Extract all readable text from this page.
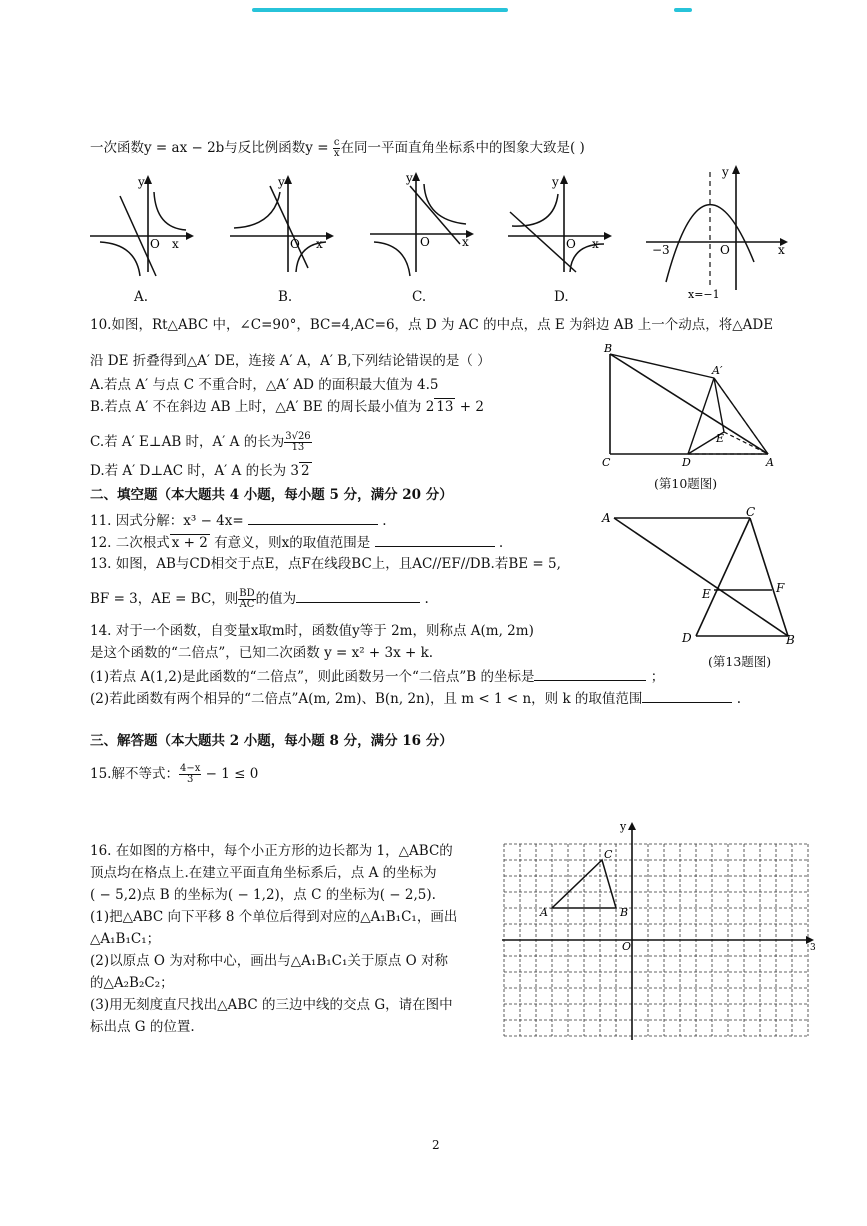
一次函数y = ax − 2b与反比例函数$y = \frac{c}{x}$ 在同一平面直角坐标系中的图象大致是( )
y
x
O
y
x
O
y
x
O
y
x
O
y
x
O
−3
x=−1
A.	B.	C.	D.
10.如图，Rt△ABC 中，∠C=90°，BC=4,AC=6，点 D 为 AC 的中点，点 E 为斜边 AB 上一个动点，将△ADE
沿 DE 折叠得到△A′ DE，连接 A′ A，A′ B,下列结论错误的是（ ）
A.若点 A′ 与点 C 不重合时，△A′ AD 的面积最大值为 4.5
B.若点 A′ 不在斜边 AB 上时，△A′ BE 的周长最小值为 2 13 + 2
C.若 A′ E⊥AB 时，A′ A 的长为 $\frac{3√26}{13}$
D.若 A′ D⊥AC 时，A′ A 的长为 3 2
B
A′
E
C	D	A
(第10题图)
二、填空题（本大题共 4 小题，每小题 5 分，满分 20 分）
11. 因式分解：x³ − 4x=	.
12. 二次根式 x + 2 有意义，则x的取值范围是	.
13. 如图，AB与CD相交于点E，点F在线段BC上，且AC//EF//DB.若BE = 5,
BF = 3，AE = BC，则 $\frac{BD}{AC}$ 的值为	.
A	C
E	F
D	B
(第13题图)
14. 对于一个函数，自变量x取m时，函数值y等于 2m，则称点 A(m, 2m)
是这个函数的“二倍点”，已知二次函数 y = x² + 3x + k.
(1)若点 A(1,2)是此函数的“二倍点”，则此函数另一个“二倍点”B 的坐标是	；
(2)若此函数有两个相异的“二倍点”A(m, 2m)、B(n, 2n)，且 m < 1 < n，则 k 的取值范围	.
三、解答题（本大题共 2 小题，每小题 8 分，满分 16 分）
15.解不等式： $\frac{4-x}{3} - 1 \le 0$
16. 在如图的方格中，每个小正方形的边长都为 1，△ABC的
顶点均在格点上.在建立平面直角坐标系后，点 A 的坐标为
( − 5,2)点 B 的坐标为( − 1,2)，点 C 的坐标为( − 2,5).
(1)把△ABC 向下平移 8 个单位后得到对应的△A₁B₁C₁，画出
△A₁B₁C₁；
(2)以原点 O 为对称中心，画出与△A₁B₁C₁关于原点 O 对称
的△A₂B₂C₂；
(3)用无刻度直尺找出△ABC 的三边中线的交点 G，请在图中
标出点 G 的位置.
y
3
O
A	B
C
2
